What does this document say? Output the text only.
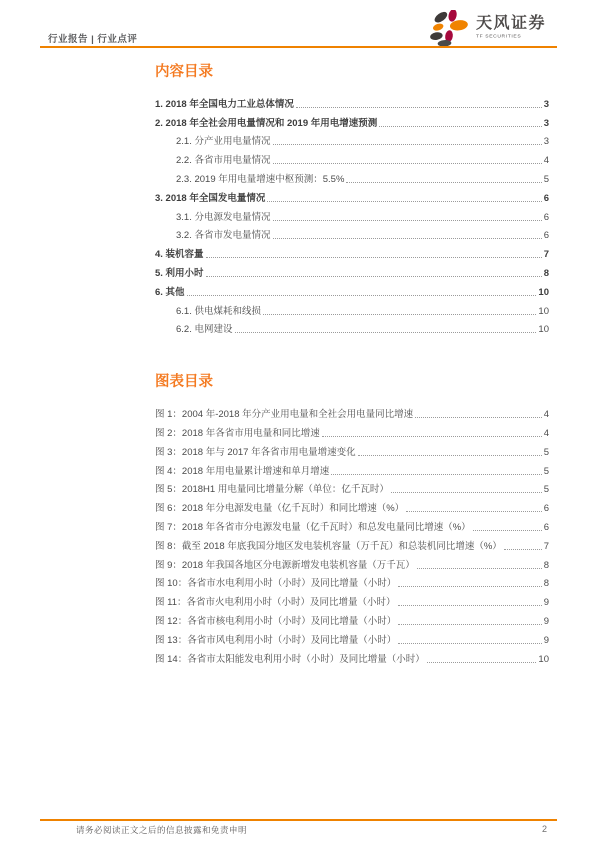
行业报告 | 行业点评
天风证券
TF SECURITIES
内容目录
1. 2018 年全国电力工业总体情况	3
2. 2018 年全社会用电量情况和 2019 年用电增速预测	3
2.1. 分产业用电量情况	3
2.2. 各省市用电量情况	4
2.3. 2019 年用电量增速中枢预测：5.5%	5
3. 2018 年全国发电量情况	6
3.1. 分电源发电量情况	6
3.2. 各省市发电量情况	6
4. 装机容量	7
5. 利用小时	8
6. 其他	10
6.1. 供电煤耗和线损	10
6.2. 电网建设	10
图表目录
图 1：2004 年-2018 年分产业用电量和全社会用电量同比增速	4
图 2：2018 年各省市用电量和同比增速	4
图 3：2018 年与 2017 年各省市用电量增速变化	5
图 4：2018 年用电量累计增速和单月增速	5
图 5：2018H1 用电量同比增量分解（单位：亿千瓦时）	5
图 6：2018 年分电源发电量（亿千瓦时）和同比增速（%）	6
图 7：2018 年各省市分电源发电量（亿千瓦时）和总发电量同比增速（%）	6
图 8：截至 2018 年底我国分地区发电装机容量（万千瓦）和总装机同比增速（%）	7
图 9：2018 年我国各地区分电源新增发电装机容量（万千瓦）	8
图 10：各省市水电利用小时（小时）及同比增量（小时）	8
图 11：各省市火电利用小时（小时）及同比增量（小时）	9
图 12：各省市核电利用小时（小时）及同比增量（小时）	9
图 13：各省市风电利用小时（小时）及同比增量（小时）	9
图 14：各省市太阳能发电利用小时（小时）及同比增量（小时）	10
请务必阅读正文之后的信息披露和免责申明	2
